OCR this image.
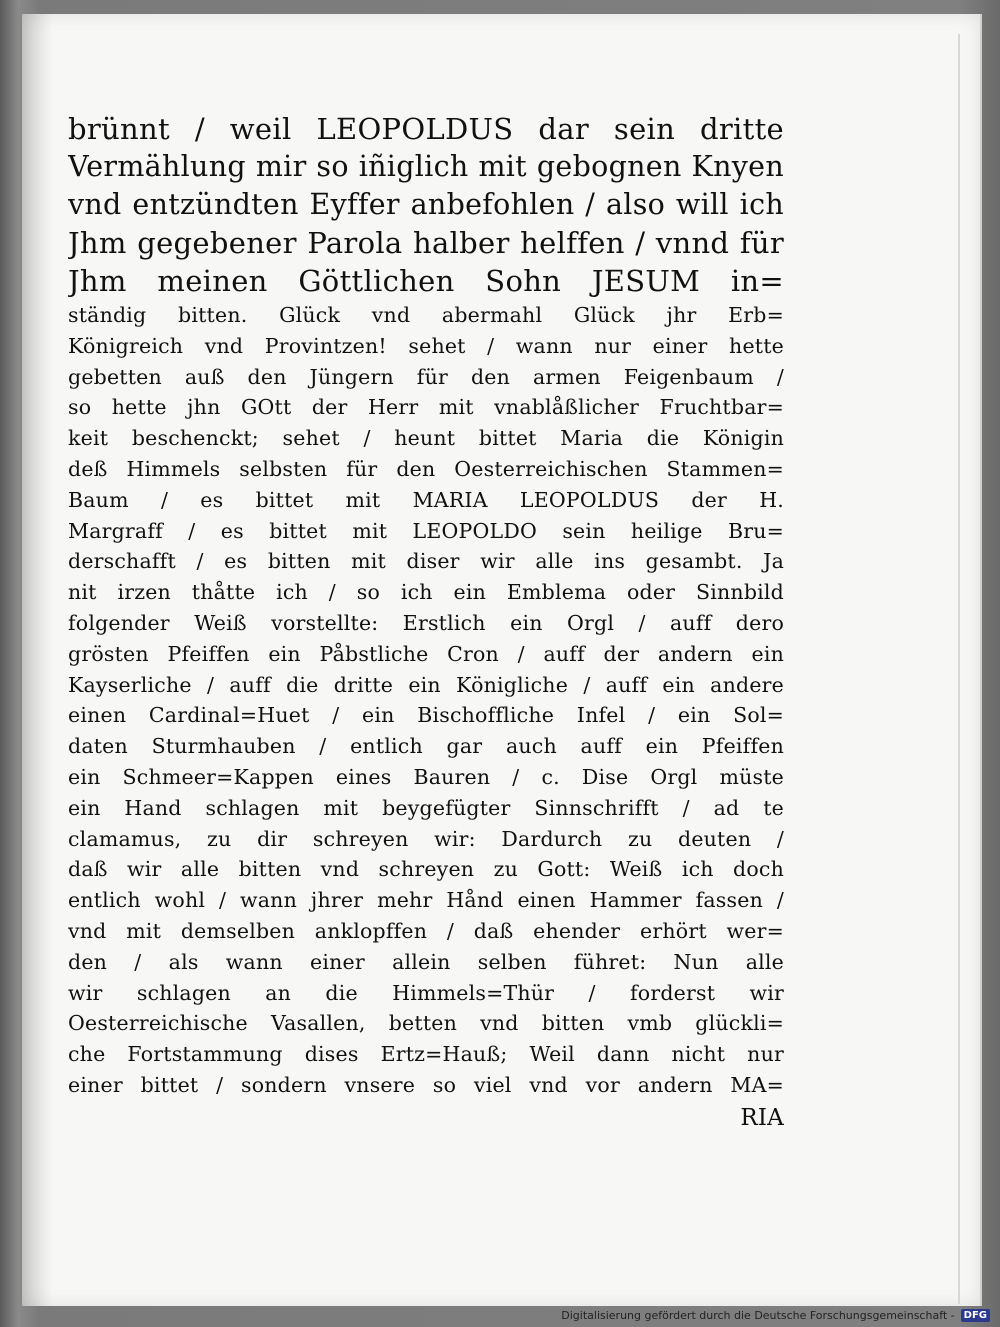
brünnt / weil LEOPOLDUS dar sein dritte
Vermählung mir so iñiglich mit gebognen Knyen
vnd entzündten Eyffer anbefohlen / also will ich
Jhm gegebener Parola halber helffen / vnnd für
Jhm meinen Göttlichen Sohn JESUM in=
ständig bitten. Glück vnd abermahl Glück jhr Erb=
Königreich vnd Provintzen! sehet / wann nur einer hette
gebetten auß den Jüngern für den armen Feigenbaum /
so hette jhn GOtt der Herr mit vnablåßlicher Fruchtbar=
keit beschenckt; sehet / heunt bittet Maria die Königin
deß Himmels selbsten für den Oesterreichischen Stammen=
Baum / es bittet mit MARIA LEOPOLDUS der H.
Margraff / es bittet mit LEOPOLDO sein heilige Bru=
derschafft / es bitten mit diser wir alle ins gesambt. Ja
nit irzen thåtte ich / so ich ein Emblema oder Sinnbild
folgender Weiß vorstellte: Erstlich ein Orgl / auff dero
grösten Pfeiffen ein Påbstliche Cron / auff der andern ein
Kayserliche / auff die dritte ein Königliche / auff ein andere
einen Cardinal=Huet / ein Bischoffliche Infel / ein Sol=
daten Sturmhauben / entlich gar auch auff ein Pfeiffen
ein Schmeer=Kappen eines Bauren / c. Dise Orgl müste
ein Hand schlagen mit beygefügter Sinnschrifft / ad te
clamamus, zu dir schreyen wir: Dardurch zu deuten /
daß wir alle bitten vnd schreyen zu Gott: Weiß ich doch
entlich wohl / wann jhrer mehr Hånd einen Hammer fassen /
vnd mit demselben anklopffen / daß ehender erhört wer=
den / als wann einer allein selben führet: Nun alle
wir schlagen an die Himmels=Thür / forderst wir
Oesterreichische Vasallen, betten vnd bitten vmb glückli=
che Fortstammung dises Ertz=Hauß; Weil dann nicht nur
einer bittet / sondern vnsere so viel vnd vor andern MA=
RIA
Digitalisierung gefördert durch die Deutsche Forschungsgemeinschaft - DFG
